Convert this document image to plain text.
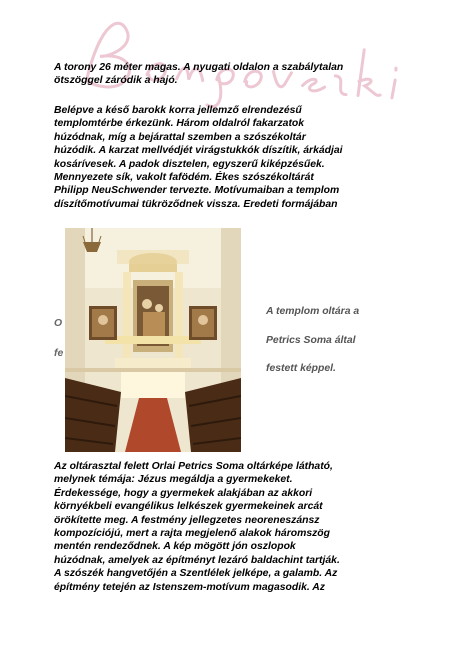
A torony 26 méter magas. A nyugati oldalon a szabálytalan
ötszöggel záródik a hajó.
Belépve a késő barokk korra jellemző elrendezésű
templomtérbe érkezünk. Három oldalról fakarzatok
húzódnak, míg a bejárattal szemben a szószékoltár
húzódik. A karzat mellvédjét virágstukkók díszítik, árkádjai
kosárívesek. A padok disztelen, egyszerű kiképzésűek.
Mennyezete sík, vakolt fafödém. Ékes szószékoltárát
Philipp NeuSchwender tervezte. Motívumaiban a templom
díszítőmotívumai tükröződnek vissza. Eredeti formájában
O
fe
A templom oltára a
Petrics Soma által
festett képpel.
Az oltárasztal felett Orlai Petrics Soma oltárképe látható,
melynek témája: Jézus megáldja a gyermekeket.
Érdekessége, hogy a gyermekek alakjában az akkori
környékbeli evangélikus lelkészek gyermekeinek arcát
örökítette meg. A festmény jellegzetes neoreneszánsz
kompozíciójú, mert a rajta megjelenő alakok háromszög
mentén rendeződnek. A kép mögött jón oszlopok
húzódnak, amelyek az építményt lezáró baldachint tartják.
A szószék hangvetőjén a Szentlélek jelképe, a galamb. Az
építmény tetején az Istenszem-motívum magasodik. Az
